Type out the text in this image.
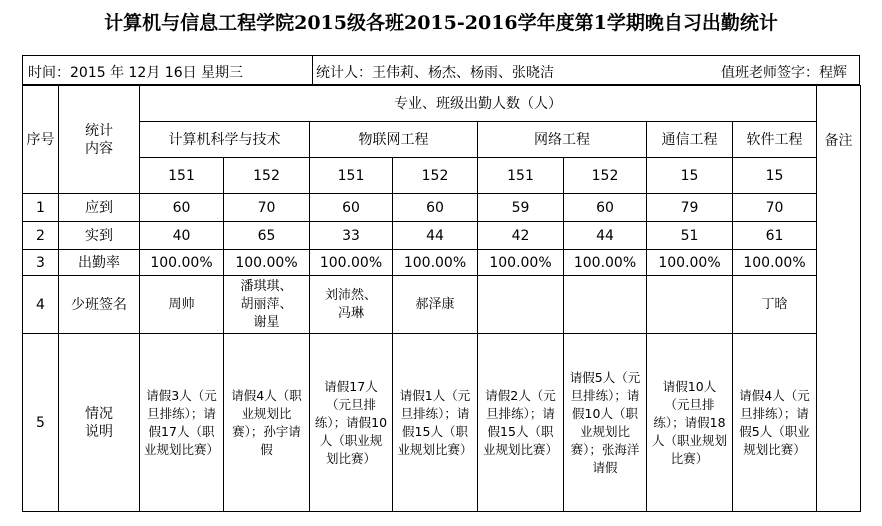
计算机与信息工程学院2015级各班2015-2016学年度第1学期晚自习出勤统计
时间：2015 年 12月 16日 星期三	统计人：王伟莉、杨杰、杨雨、张晓洁	值班老师签字：程辉
序号	统计内容	专业、班级出勤人数（人）								备注
		计算机科学与技术		物联网工程		网络工程		通信工程	软件工程	
		151	152	151	152	151	152	15	15	
1	应到	60	70	60	60	59	60	79	70	
2	实到	40	65	33	44	42	44	51	61	
3	出勤率	100.00%	100.00%	100.00%	100.00%	100.00%	100.00%	100.00%	100.00%	
4	少班签名	周帅	潘琪琪、胡丽萍、谢星	刘沛然、冯琳	郝泽康				丁晗	
5	情况说明	请假3人（元旦排练）；请假17人（职业规划比赛）	请假4人（职业规划比赛）；孙宇请假	请假17人（元旦排练）；请假10人（职业规划比赛）	请假1人（元旦排练）；请假15人（职业规划比赛）	请假2人（元旦排练）；请假15人（职业规划比赛）	请假5人（元旦排练）；请假10人（职业规划比赛）；张海洋请假	请假10人（元旦排练）；请假18人（职业规划比赛）	请假4人（元旦排练）；请假5人（职业规划比赛）	
